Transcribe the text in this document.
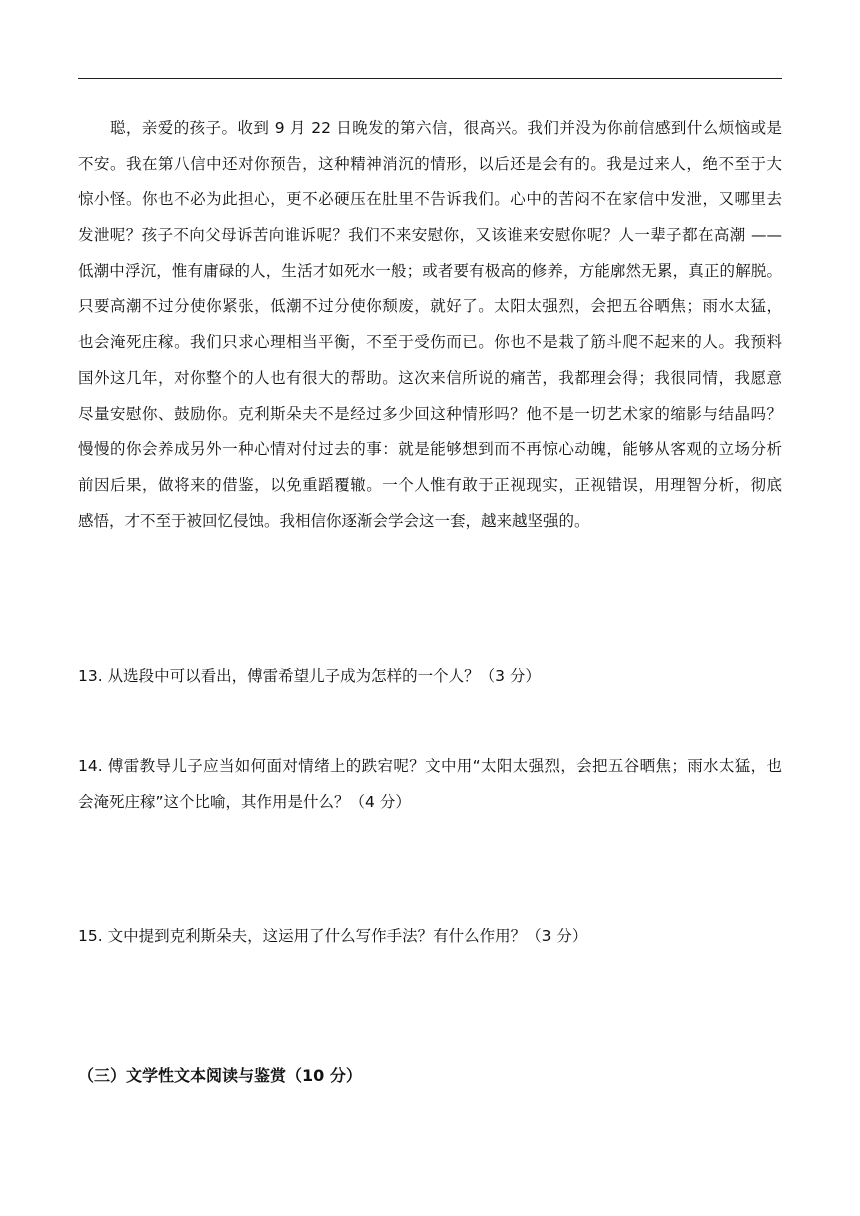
聪，亲爱的孩子。收到 9 月 22 日晚发的第六信，很高兴。我们并没为你前信感到什么烦恼或是
不安。我在第八信中还对你预告，这种精神消沉的情形，以后还是会有的。我是过来人，绝不至于大
惊小怪。你也不必为此担心，更不必硬压在肚里不告诉我们。心中的苦闷不在家信中发泄，又哪里去
发泄呢？孩子不向父母诉苦向谁诉呢？我们不来安慰你，又该谁来安慰你呢？人一辈子都在高潮 ——
低潮中浮沉，惟有庸碌的人，生活才如死水一般；或者要有极高的修养，方能廓然无累，真正的解脱。
只要高潮不过分使你紧张，低潮不过分使你颓废，就好了。太阳太强烈，会把五谷晒焦；雨水太猛，
也会淹死庄稼。我们只求心理相当平衡，不至于受伤而已。你也不是栽了筋斗爬不起来的人。我预料
国外这几年，对你整个的人也有很大的帮助。这次来信所说的痛苦，我都理会得；我很同情，我愿意
尽量安慰你、鼓励你。克利斯朵夫不是经过多少回这种情形吗？他不是一切艺术家的缩影与结晶吗？
慢慢的你会养成另外一种心情对付过去的事：就是能够想到而不再惊心动魄，能够从客观的立场分析
前因后果，做将来的借鉴，以免重蹈覆辙。一个人惟有敢于正视现实，正视错误，用理智分析，彻底
感悟，才不至于被回忆侵蚀。我相信你逐渐会学会这一套，越来越坚强的。
13. 从选段中可以看出，傅雷希望儿子成为怎样的一个人？（3 分）
14. 傅雷教导儿子应当如何面对情绪上的跌宕呢？文中用“太阳太强烈，会把五谷晒焦；雨水太猛，也
会淹死庄稼”这个比喻，其作用是什么？（4 分）
15. 文中提到克利斯朵夫，这运用了什么写作手法？有什么作用？（3 分）
（三）文学性文本阅读与鉴赏（10 分）
